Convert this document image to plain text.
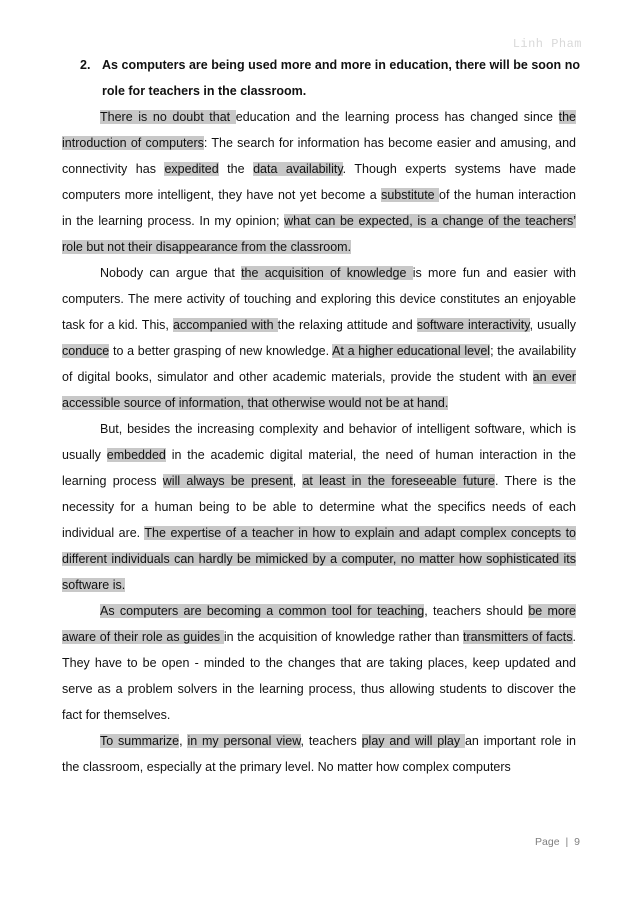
Linh Pham
2. As computers are being used more and more in education, there will be soon no role for teachers in the classroom.

There is no doubt that education and the learning process has changed since the introduction of computers: The search for information has become easier and amusing, and connectivity has expedited the data availability. Though experts systems have made computers more intelligent, they have not yet become a substitute of the human interaction in the learning process. In my opinion; what can be expected, is a change of the teachers’ role but not their disappearance from the classroom.

Nobody can argue that the acquisition of knowledge is more fun and easier with computers. The mere activity of touching and exploring this device constitutes an enjoyable task for a kid. This, accompanied with the relaxing attitude and software interactivity, usually conduce to a better grasping of new knowledge. At a higher educational level; the availability of digital books, simulator and other academic materials, provide the student with an ever accessible source of information, that otherwise would not be at hand.

But, besides the increasing complexity and behavior of intelligent software, which is usually embedded in the academic digital material, the need of human interaction in the learning process will always be present, at least in the foreseeable future. There is the necessity for a human being to be able to determine what the specifics needs of each individual are. The expertise of a teacher in how to explain and adapt complex concepts to different individuals can hardly be mimicked by a computer, no matter how sophisticated its software is.

As computers are becoming a common tool for teaching, teachers should be more aware of their role as guides in the acquisition of knowledge rather than transmitters of facts. They have to be open - minded to the changes that are taking places, keep updated and serve as a problem solvers in the learning process, thus allowing students to discover the fact for themselves.

To summarize, in my personal view, teachers play and will play an important role in the classroom, especially at the primary level. No matter how complex computers

Page | 9
